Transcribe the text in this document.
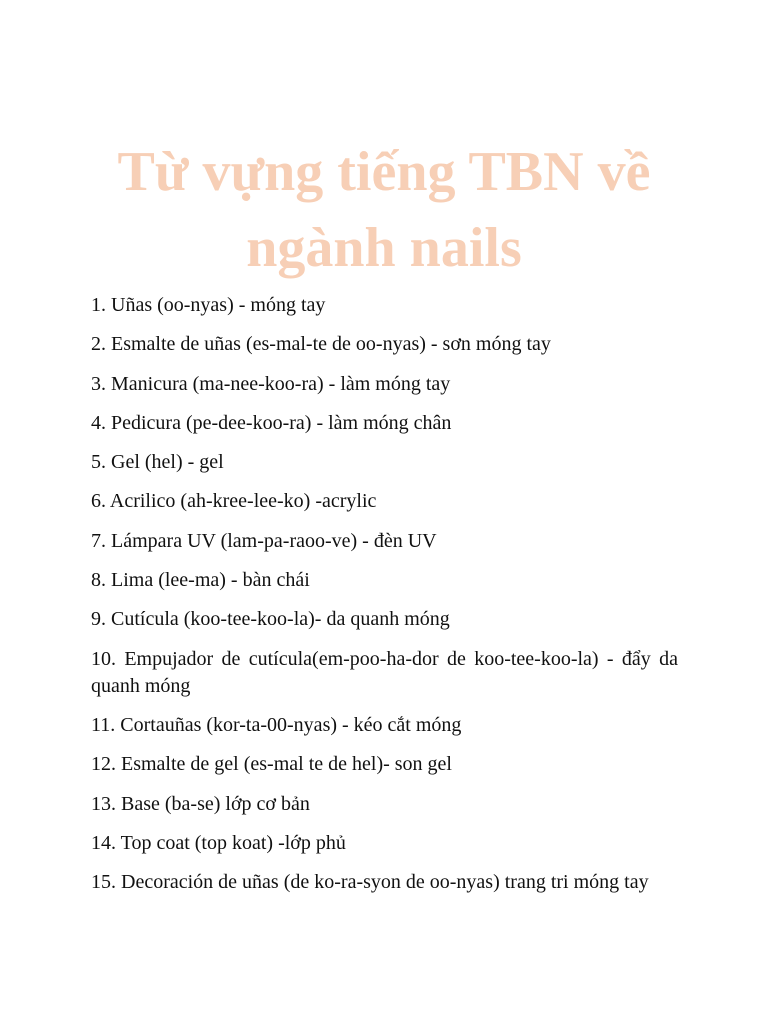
Từ vựng tiếng TBN về ngành nails
1. Uñas (oo-nyas) - móng tay
2. Esmalte de uñas (es-mal-te de oo-nyas) - sơn móng tay
3. Manicura (ma-nee-koo-ra) - làm móng tay
4. Pedicura (pe-dee-koo-ra) - làm móng chân
5. Gel (hel) - gel
6. Acrilico (ah-kree-lee-ko) -acrylic
7. Lámpara UV (lam-pa-raoo-ve) - đèn UV
8. Lima (lee-ma) - bàn chái
9. Cutícula (koo-tee-koo-la)- da quanh móng
10. Empujador de cutícula(em-poo-ha-dor de koo-tee-koo-la) - đẩy da quanh móng
11. Cortauñas (kor-ta-00-nyas) - kéo cắt móng
12. Esmalte de gel (es-mal te de hel)- son gel
13. Base (ba-se) lớp cơ bản
14. Top coat (top koat) -lớp phủ
15. Decoración de uñas (de ko-ra-syon de oo-nyas) trang tri móng tay
